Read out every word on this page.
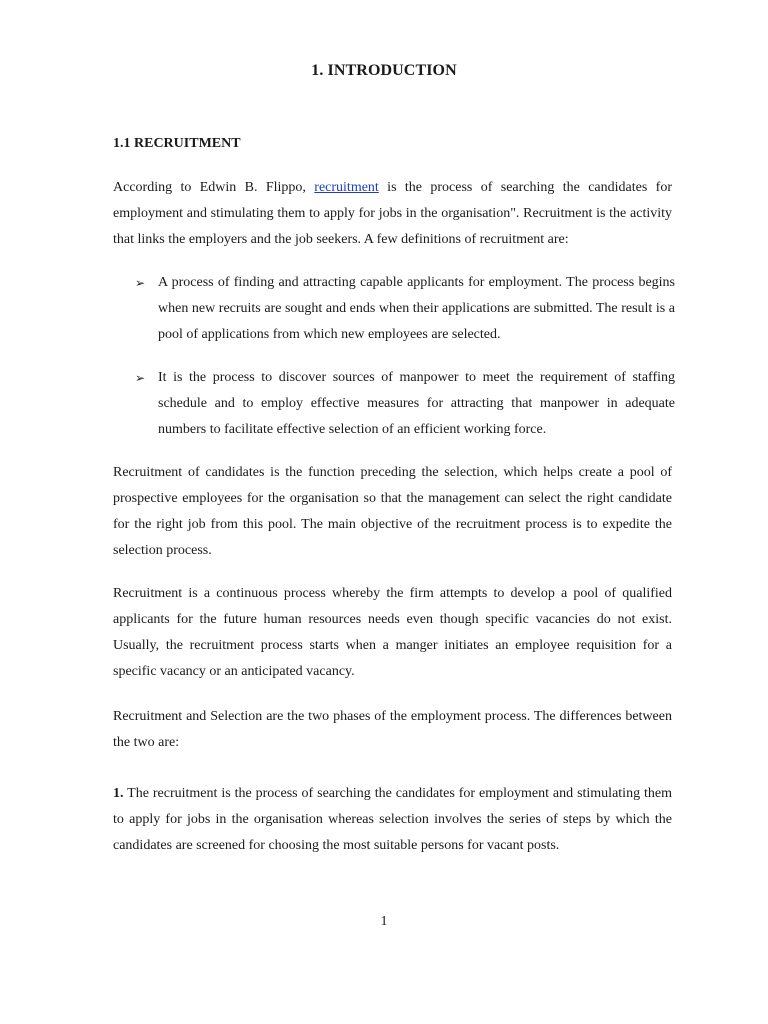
1. INTRODUCTION
1.1 RECRUITMENT
According to Edwin B. Flippo, recruitment is the process of searching the candidates for employment and stimulating them to apply for jobs in the organisation". Recruitment is the activity that links the employers and the job seekers. A few definitions of recruitment are:
➢ A process of finding and attracting capable applicants for employment. The process begins when new recruits are sought and ends when their applications are submitted. The result is a pool of applications from which new employees are selected.
➢ It is the process to discover sources of manpower to meet the requirement of staffing schedule and to employ effective measures for attracting that manpower in adequate numbers to facilitate effective selection of an efficient working force.
Recruitment of candidates is the function preceding the selection, which helps create a pool of prospective employees for the organisation so that the management can select the right candidate for the right job from this pool. The main objective of the recruitment process is to expedite the selection process.
Recruitment is a continuous process whereby the firm attempts to develop a pool of qualified applicants for the future human resources needs even though specific vacancies do not exist. Usually, the recruitment process starts when a manger initiates an employee requisition for a specific vacancy or an anticipated vacancy.
Recruitment and Selection are the two phases of the employment process. The differences between the two are:
1. The recruitment is the process of searching the candidates for employment and stimulating them to apply for jobs in the organisation whereas selection involves the series of steps by which the candidates are screened for choosing the most suitable persons for vacant posts.
1
